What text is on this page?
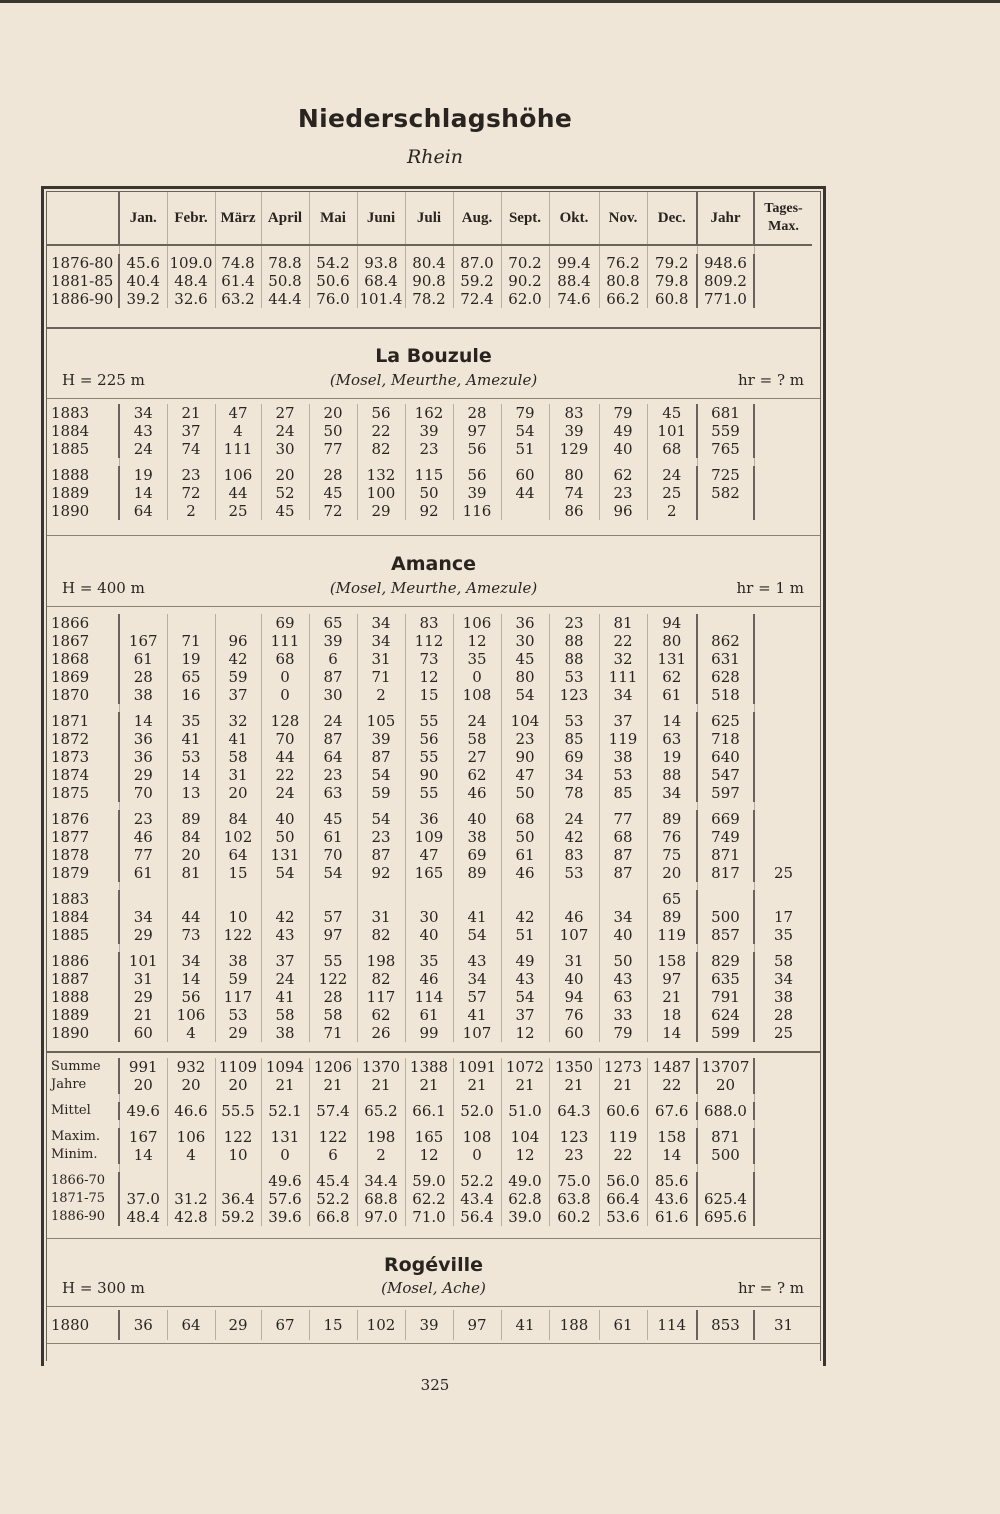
Niederschlagshöhe
Rhein
	Jan.	Febr.	März	April	Mai	Juni	Juli	Aug.	Sept.	Okt.	Nov.	Dec.	Jahr	Tages-Max.

1876-80	45.6	109.0	74.8	78.8	54.2	93.8	80.4	87.0	70.2	99.4	76.2	79.2	948.6	
1881-85	40.4	48.4	61.4	50.8	50.6	68.4	90.8	59.2	90.2	88.4	80.8	79.8	809.2	
1886-90	39.2	32.6	63.2	44.4	76.0	101.4	78.2	72.4	62.0	74.6	66.2	60.8	771.0	
La Bouzule
(Mosel, Meurthe, Amezule)
H = 225 m	hr = ? m
1883	34	21	47	27	20	56	162	28	79	83	79	45	681	
1884	43	37	4	24	50	22	39	97	54	39	49	101	559	
1885	24	74	111	30	77	82	23	56	51	129	40	68	765	

1888	19	23	106	20	28	132	115	56	60	80	62	24	725	
1889	14	72	44	52	45	100	50	39	44	74	23	25	582	
1890	64	2	25	45	72	29	92	116		86	96	2		
Amance
(Mosel, Meurthe, Amezule)
H = 400 m	hr = 1 m
1866				69	65	34	83	106	36	23	81	94		
1867	167	71	96	111	39	34	112	12	30	88	22	80	862	
1868	61	19	42	68	6	31	73	35	45	88	32	131	631	
1869	28	65	59	0	87	71	12	0	80	53	111	62	628	
1870	38	16	37	0	30	2	15	108	54	123	34	61	518	

1871	14	35	32	128	24	105	55	24	104	53	37	14	625	
1872	36	41	41	70	87	39	56	58	23	85	119	63	718	
1873	36	53	58	44	64	87	55	27	90	69	38	19	640	
1874	29	14	31	22	23	54	90	62	47	34	53	88	547	
1875	70	13	20	24	63	59	55	46	50	78	85	34	597	

1876	23	89	84	40	45	54	36	40	68	24	77	89	669	
1877	46	84	102	50	61	23	109	38	50	42	68	76	749	
1878	77	20	64	131	70	87	47	69	61	83	87	75	871	
1879	61	81	15	54	54	92	165	89	46	53	87	20	817	25

1883												65		
1884	34	44	10	42	57	31	30	41	42	46	34	89	500	17
1885	29	73	122	43	97	82	40	54	51	107	40	119	857	35

1886	101	34	38	37	55	198	35	43	49	31	50	158	829	58
1887	31	14	59	24	122	82	46	34	43	40	43	97	635	34
1888	29	56	117	41	28	117	114	57	54	94	63	21	791	38
1889	21	106	53	58	58	62	61	41	37	76	33	18	624	28
1890	60	4	29	38	71	26	99	107	12	60	79	14	599	25
Summe	991	932	1109	1094	1206	1370	1388	1091	1072	1350	1273	1487	13707	
Jahre	20	20	20	21	21	21	21	21	21	21	21	22	20	

Mittel	49.6	46.6	55.5	52.1	57.4	65.2	66.1	52.0	51.0	64.3	60.6	67.6	688.0	

Maxim.	167	106	122	131	122	198	165	108	104	123	119	158	871	
Minim.	14	4	10	0	6	2	12	0	12	23	22	14	500	

1866-70				49.6	45.4	34.4	59.0	52.2	49.0	75.0	56.0	85.6		
1871-75	37.0	31.2	36.4	57.6	52.2	68.8	62.2	43.4	62.8	63.8	66.4	43.6	625.4	
1886-90	48.4	42.8	59.2	39.6	66.8	97.0	71.0	56.4	39.0	60.2	53.6	61.6	695.6	
Rogéville
(Mosel, Ache)
H = 300 m	hr = ? m
1880	36	64	29	67	15	102	39	97	41	188	61	114	853	31
325
